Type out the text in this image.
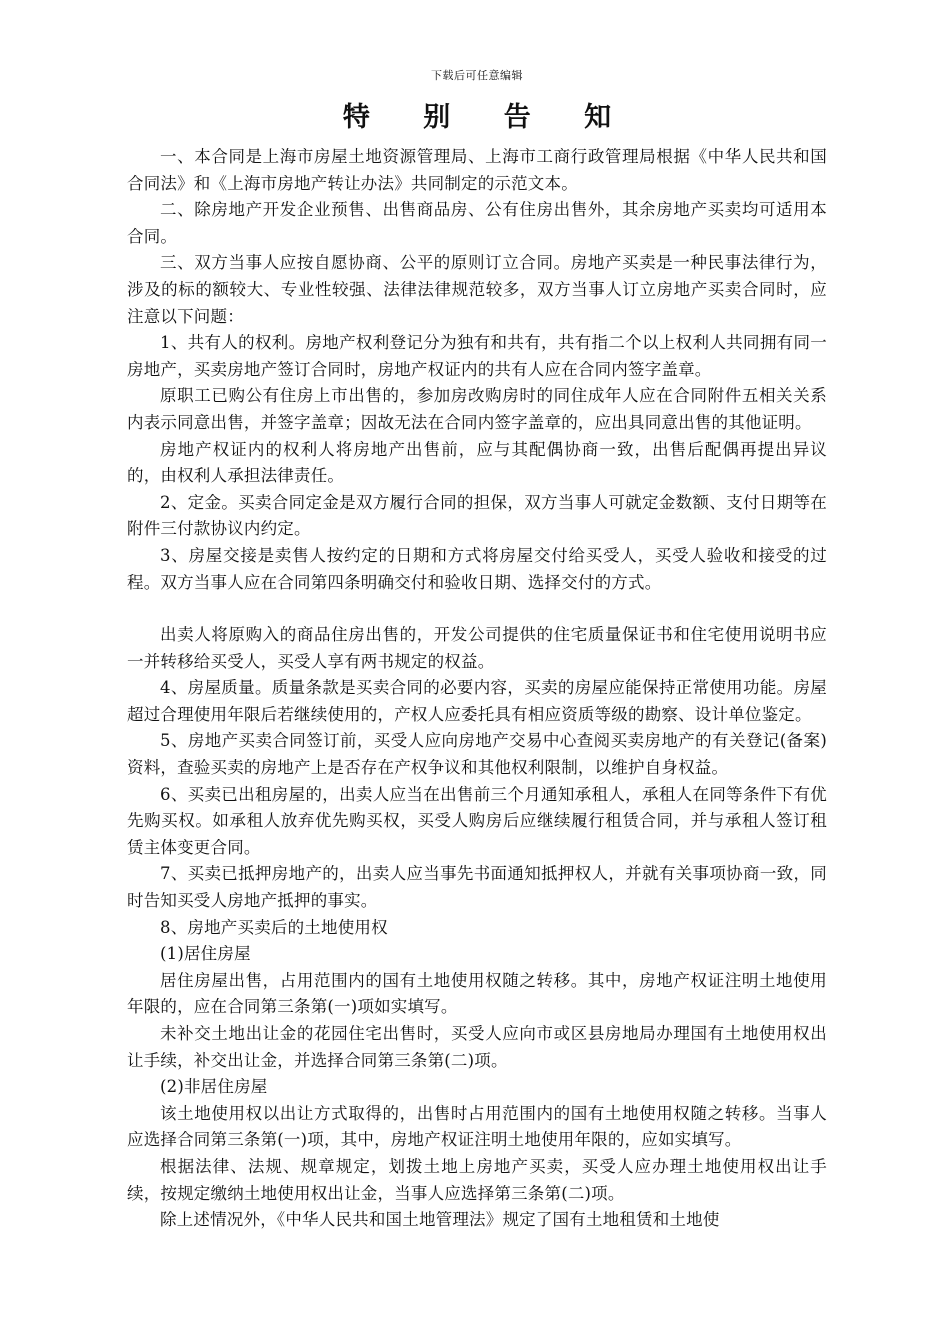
下载后可任意编辑
特 别 告 知

一、本合同是上海市房屋土地资源管理局、上海市工商行政管理局根据《中华人民共和国合同法》和《上海市房地产转让办法》共同制定的示范文本。

二、除房地产开发企业预售、出售商品房、公有住房出售外，其余房地产买卖均可适用本合同。

三、双方当事人应按自愿协商、公平的原则订立合同。房地产买卖是一种民事法律行为，涉及的标的额较大、专业性较强、法律法律规范较多，双方当事人订立房地产买卖合同时，应注意以下问题：

1、共有人的权利。房地产权利登记分为独有和共有，共有指二个以上权利人共同拥有同一房地产，买卖房地产签订合同时，房地产权证内的共有人应在合同内签字盖章。

原职工已购公有住房上市出售的，参加房改购房时的同住成年人应在合同附件五相关关系内表示同意出售，并签字盖章；因故无法在合同内签字盖章的，应出具同意出售的其他证明。

房地产权证内的权利人将房地产出售前，应与其配偶协商一致，出售后配偶再提出异议的，由权利人承担法律责任。

2、定金。买卖合同定金是双方履行合同的担保，双方当事人可就定金数额、支付日期等在附件三付款协议内约定。

3、房屋交接是卖售人按约定的日期和方式将房屋交付给买受人，买受人验收和接受的过程。双方当事人应在合同第四条明确交付和验收日期、选择交付的方式。

出卖人将原购入的商品住房出售的，开发公司提供的住宅质量保证书和住宅使用说明书应一并转移给买受人，买受人享有两书规定的权益。

4、房屋质量。质量条款是买卖合同的必要内容，买卖的房屋应能保持正常使用功能。房屋超过合理使用年限后若继续使用的，产权人应委托具有相应资质等级的勘察、设计单位鉴定。

5、房地产买卖合同签订前，买受人应向房地产交易中心查阅买卖房地产的有关登记(备案)资料，查验买卖的房地产上是否存在产权争议和其他权利限制，以维护自身权益。

6、买卖已出租房屋的，出卖人应当在出售前三个月通知承租人，承租人在同等条件下有优先购买权。如承租人放弃优先购买权，买受人购房后应继续履行租赁合同，并与承租人签订租赁主体变更合同。

7、买卖已抵押房地产的，出卖人应当事先书面通知抵押权人，并就有关事项协商一致，同时告知买受人房地产抵押的事实。

8、房地产买卖后的土地使用权

(1)居住房屋

居住房屋出售，占用范围内的国有土地使用权随之转移。其中，房地产权证注明土地使用年限的，应在合同第三条第(一)项如实填写。

未补交土地出让金的花园住宅出售时，买受人应向市或区县房地局办理国有土地使用权出让手续，补交出让金，并选择合同第三条第(二)项。

(2)非居住房屋

该土地使用权以出让方式取得的，出售时占用范围内的国有土地使用权随之转移。当事人应选择合同第三条第(一)项，其中，房地产权证注明土地使用年限的，应如实填写。

根据法律、法规、规章规定，划拨土地上房地产买卖，买受人应办理土地使用权出让手续，按规定缴纳土地使用权出让金，当事人应选择第三条第(二)项。

除上述情况外，《中华人民共和国土地管理法》规定了国有土地租赁和土地使
